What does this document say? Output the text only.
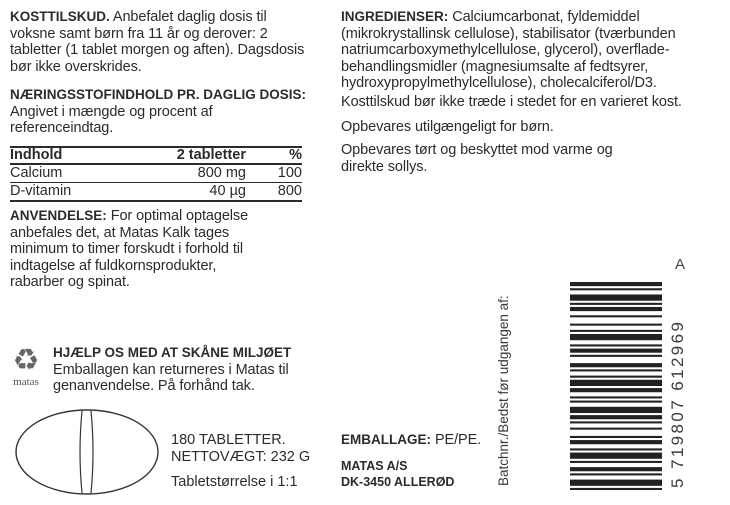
KOSTTILSKUD. Anbefalet daglig dosis til voksne samt børn fra 11 år og derover: 2 tabletter (1 tablet morgen og aften). Dagsdosis bør ikke overskrides.

NÆRINGSSTOFINDHOLD PR. DAGLIG DOSIS:

Angivet i mængde og procent af referenceindtag.

Indhold	2 tabletter	%
Calcium	800 mg 100
D-vitamin	40 µg 800

ANVENDELSE: For optimal optagelse anbefales det, at Matas Kalk tages minimum to timer forskudt i forhold til indtagelse af fuldkornsprodukter, rabarber og spinat.

♻
matas

HJÆLP OS MED AT SKÅNE MILJØET

Emballagen kan returneres i Matas til genanvendelse. På forhånd tak.

180 TABLETTER.
NETTOVÆGT: 232 G
Tabletstørrelse i 1:1

INGREDIENSER: Calciumcarbonat, fyldemiddel (mikrokrystallinsk cellulose), stabilisator (tværbunden natriumcarboxymethylcellulose, glycerol), overflade-behandlingsmidler (magnesiumsalte af fedtsyrer, hydroxypropylmethylcellulose), cholecalciferol/D3.

Kosttilskud bør ikke træde i stedet for en varieret kost.
Opbevares utilgængeligt for børn.
Opbevares tørt og beskyttet mod varme og direkte sollys.

EMBALLAGE: PE/PE.

MATAS A/S
DK-3450 ALLERØD	Batchnr./Bedst før udgangen af:
A
5 719807 612969
